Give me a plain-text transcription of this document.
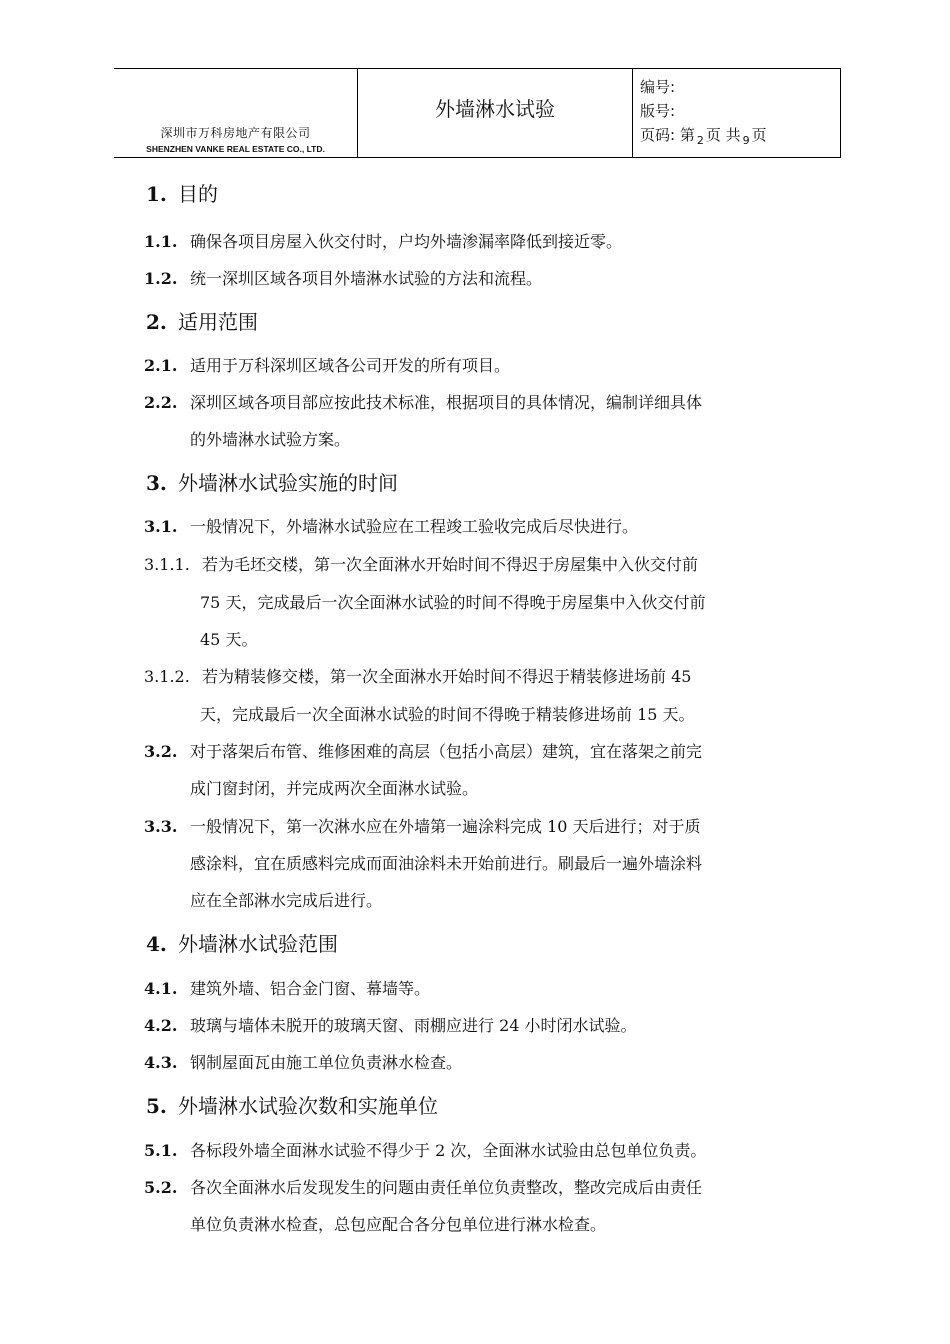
深圳市万科房地产有限公司
SHENZHEN VANKE REAL ESTATE CO., LTD.
外墙淋水试验
编号:
版号:
页码: 第 $_2$ 页 共 $_9$ 页
1. 目的
1.1. 确保各项目房屋入伙交付时，户均外墙渗漏率降低到接近零。
1.2. 统一深圳区域各项目外墙淋水试验的方法和流程。
2. 适用范围
2.1. 适用于万科深圳区域各公司开发的所有项目。
2.2. 深圳区域各项目部应按此技术标准，根据项目的具体情况，编制详细具体
的外墙淋水试验方案。
3. 外墙淋水试验实施的时间
3.1. 一般情况下，外墙淋水试验应在工程竣工验收完成后尽快进行。
3.1.1. 若为毛坯交楼，第一次全面淋水开始时间不得迟于房屋集中入伙交付前
75 天，完成最后一次全面淋水试验的时间不得晚于房屋集中入伙交付前
45 天。
3.1.2. 若为精装修交楼，第一次全面淋水开始时间不得迟于精装修进场前 45
天，完成最后一次全面淋水试验的时间不得晚于精装修进场前 15 天。
3.2. 对于落架后布管、维修困难的高层（包括小高层）建筑，宜在落架之前完
成门窗封闭，并完成两次全面淋水试验。
3.3. 一般情况下，第一次淋水应在外墙第一遍涂料完成 10 天后进行；对于质
感涂料，宜在质感料完成而面油涂料未开始前进行。刷最后一遍外墙涂料
应在全部淋水完成后进行。
4. 外墙淋水试验范围
4.1. 建筑外墙、铝合金门窗、幕墙等。
4.2. 玻璃与墙体未脱开的玻璃天窗、雨棚应进行 24 小时闭水试验。
4.3. 钢制屋面瓦由施工单位负责淋水检查。
5. 外墙淋水试验次数和实施单位
5.1. 各标段外墙全面淋水试验不得少于 2 次，全面淋水试验由总包单位负责。
5.2. 各次全面淋水后发现发生的问题由责任单位负责整改，整改完成后由责任
单位负责淋水检查，总包应配合各分包单位进行淋水检查。
